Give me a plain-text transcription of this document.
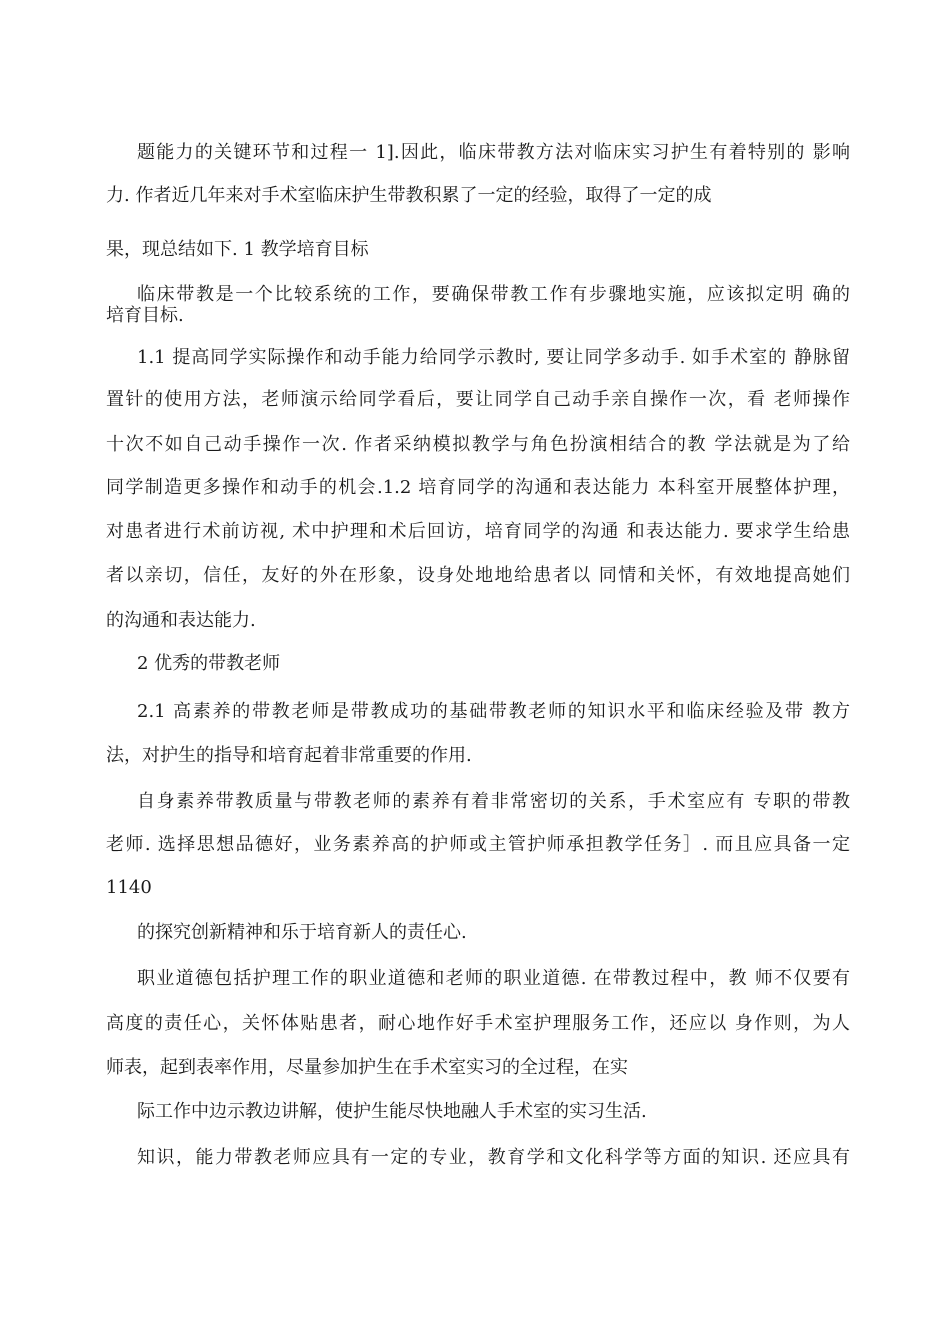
题能力的关键环节和过程一 1].因此，临床带教方法对临床实习护生有着特别的 影响
力. 作者近几年来对手术室临床护生带教积累了一定的经验，取得了一定的成
果，现总结如下. 1 教学培育目标
临床带教是一个比较系统的工作，要确保带教工作有步骤地实施，应该拟定明 确的
培育目标.
1.1 提高同学实际操作和动手能力给同学示教时, 要让同学多动手. 如手术室的 静脉留
置针的使用方法，老师演示给同学看后，要让同学自己动手亲自操作一次，看 老师操作
十次不如自己动手操作一次. 作者采纳模拟教学与角色扮演相结合的教 学法就是为了给
同学制造更多操作和动手的机会.1.2 培育同学的沟通和表达能力 本科室开展整体护理，
对患者进行术前访视, 术中护理和术后回访，培育同学的沟通 和表达能力. 要求学生给患
者以亲切，信任，友好的外在形象，设身处地地给患者以 同情和关怀，有效地提高她们
的沟通和表达能力.
2 优秀的带教老师
2.1 高素养的带教老师是带教成功的基础带教老师的知识水平和临床经验及带 教方
法，对护生的指导和培育起着非常重要的作用.
自身素养带教质量与带教老师的素养有着非常密切的关系，手术室应有 专职的带教
老师. 选择思想品德好，业务素养高的护师或主管护师承担教学任务］. 而且应具备一定
1140
的探究创新精神和乐于培育新人的责任心.
职业道德包括护理工作的职业道德和老师的职业道德. 在带教过程中，教 师不仅要有
高度的责任心，关怀体贴患者，耐心地作好手术室护理服务工作，还应以 身作则，为人
师表，起到表率作用，尽量参加护生在手术室实习的全过程，在实
际工作中边示教边讲解，使护生能尽快地融人手术室的实习生活.
知识，能力带教老师应具有一定的专业，教育学和文化科学等方面的知识. 还应具有
